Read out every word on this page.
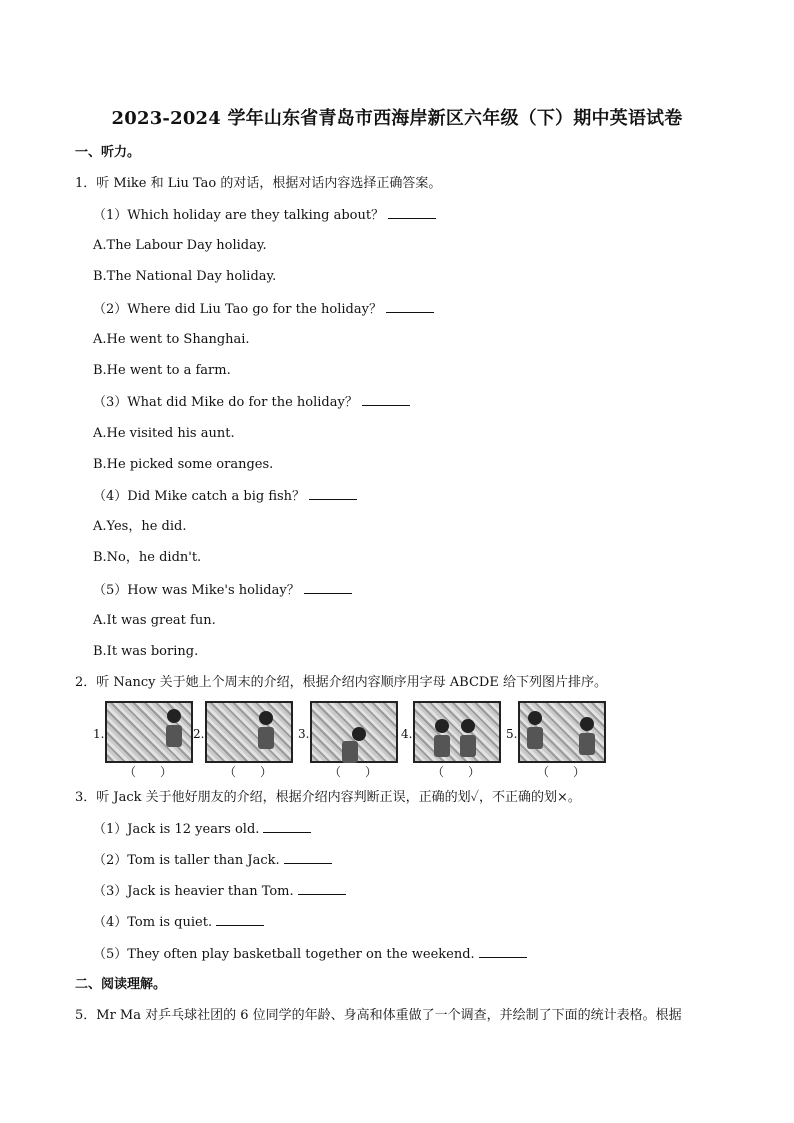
2023-2024 学年山东省青岛市西海岸新区六年级（下）期中英语试卷
一、听力。
1．听 Mike 和 Liu Tao 的对话，根据对话内容选择正确答案。
（1）Which holiday are they talking about？
A.The Labour Day holiday.
B.The National Day holiday.
（2）Where did Liu Tao go for the holiday？
A.He went to Shanghai.
B.He went to a farm.
（3）What did Mike do for the holiday？
A.He visited his aunt.
B.He picked some oranges.
（4）Did Mike catch a big fish？
A.Yes，he did.
B.No，he didn't.
（5）How was Mike's holiday？
A.It was great fun.
B.It was boring.
2．听 Nancy 关于她上个周末的介绍，根据介绍内容顺序用字母 ABCDE 给下列图片排序。
1.
（　　）
2.
（　　）
3.
（　　）
4.
（　　）
5.
（　　）
3．听 Jack 关于他好朋友的介绍，根据介绍内容判断正误，正确的划✓，不正确的划×。
（1）Jack is 12 years old.
（2）Tom is taller than Jack.
（3）Jack is heavier than Tom.
（4）Tom is quiet.
（5）They often play basketball together on the weekend.
二、阅读理解。
5．Mr Ma 对乒乓球社团的 6 位同学的年龄、身高和体重做了一个调查，并绘制了下面的统计表格。根据
